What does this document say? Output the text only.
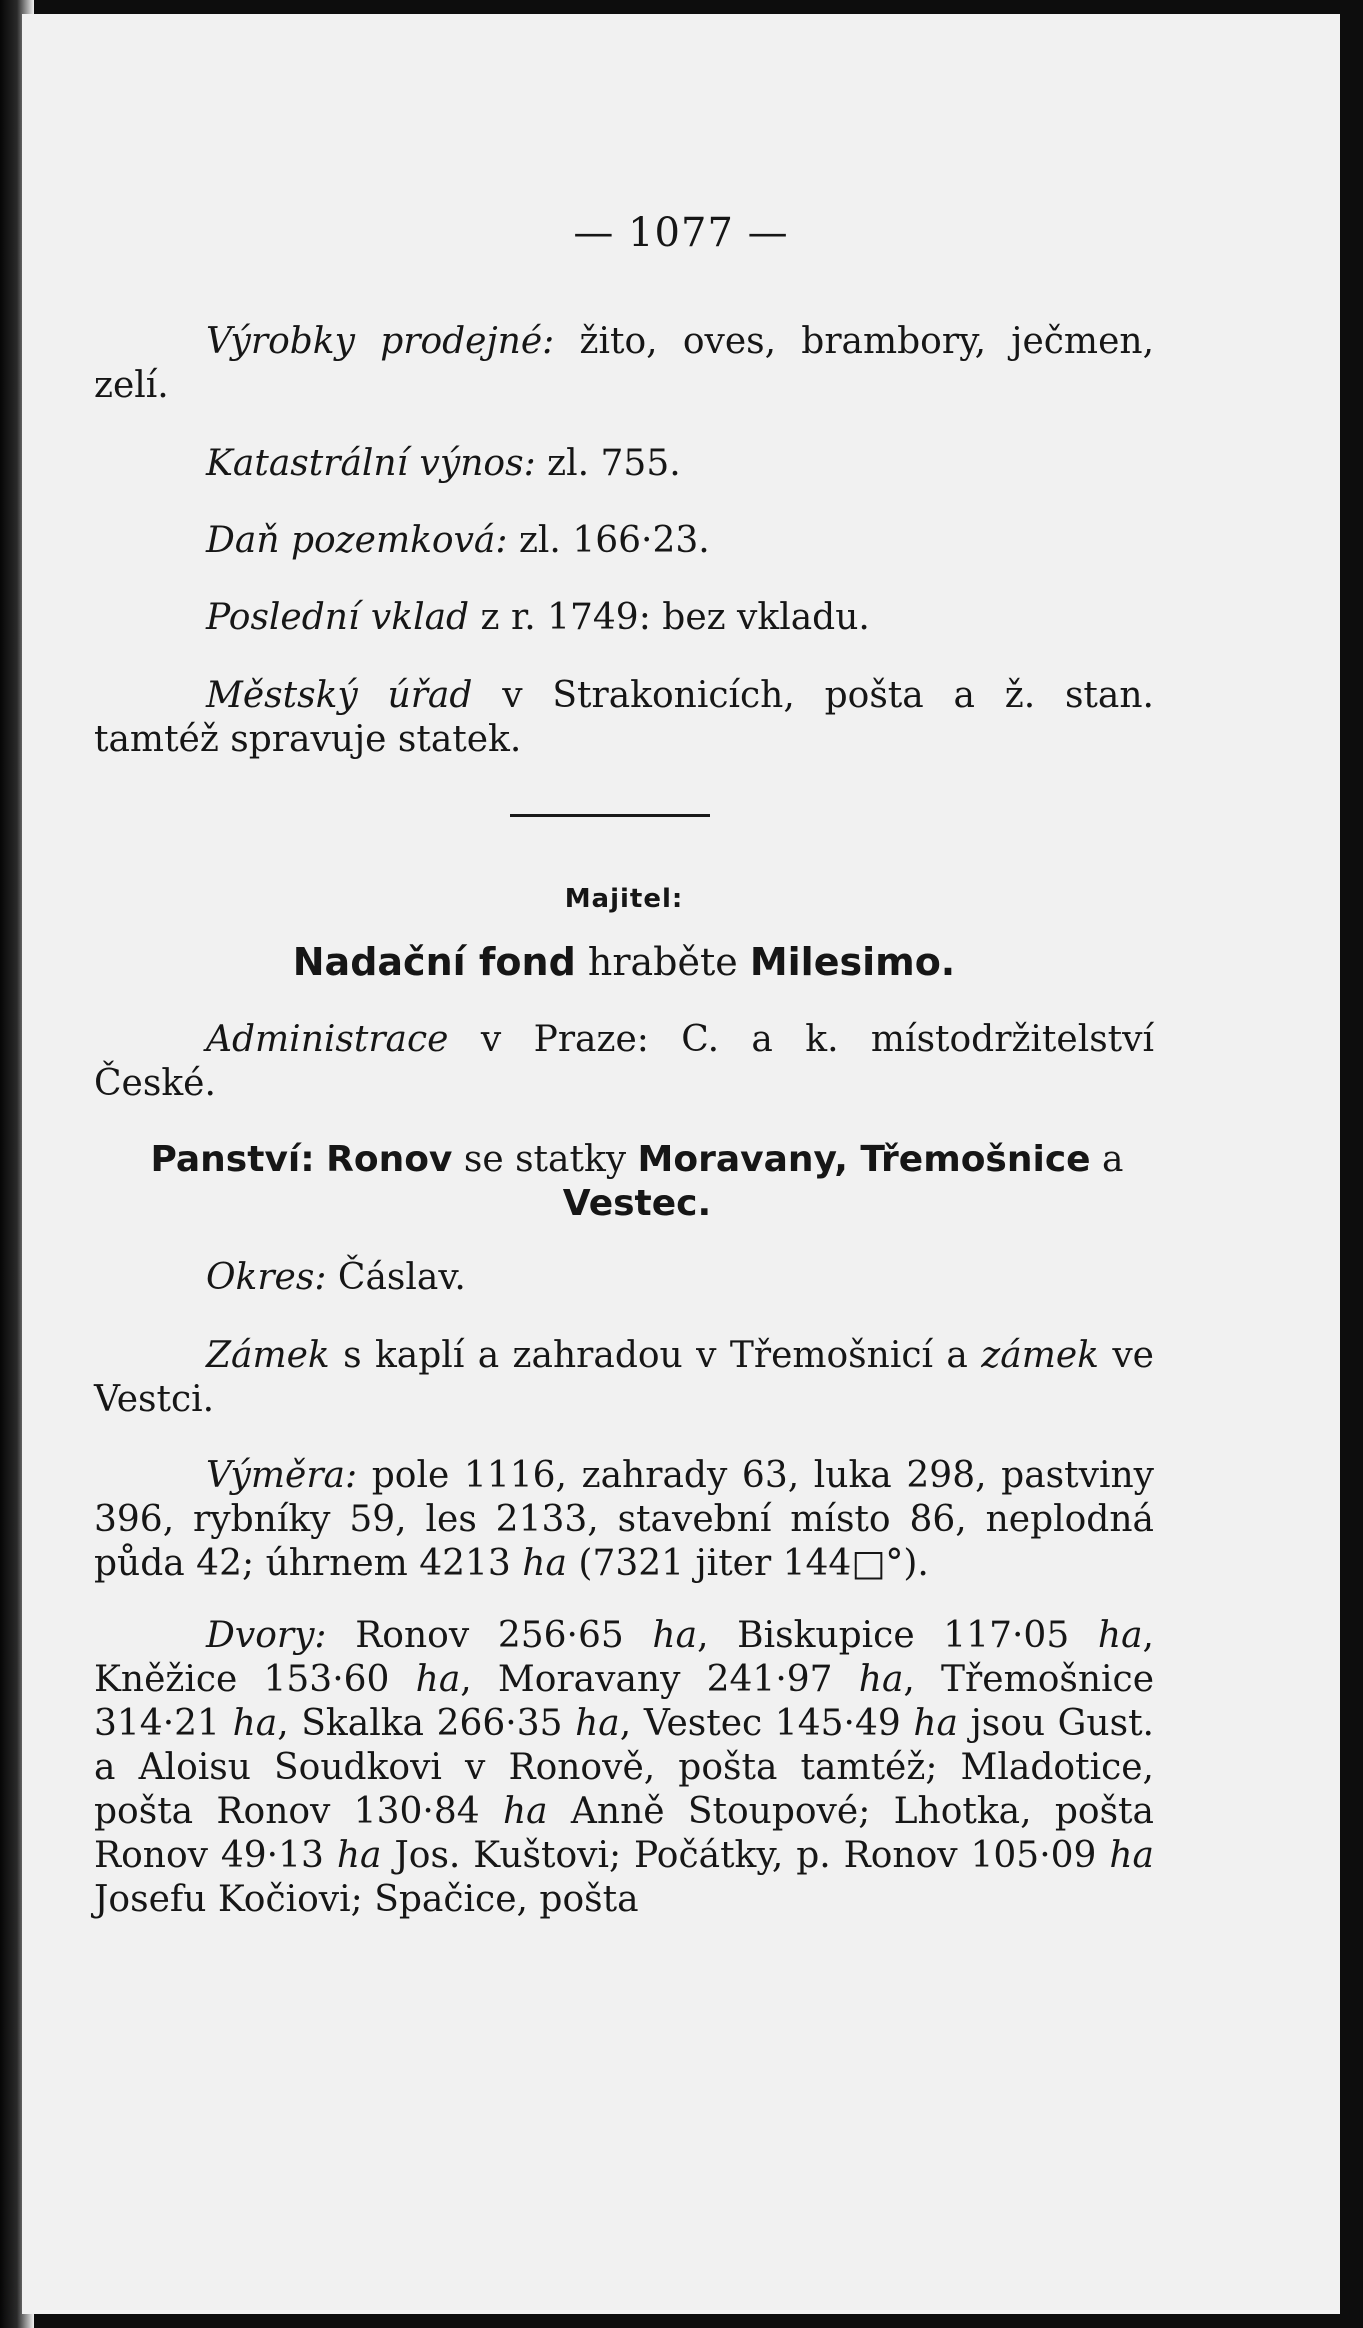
— 1077 —
Výrobky prodejné: žito, oves, brambory, ječmen, zelí.
Katastrální výnos: zl. 755.
Daň pozemková: zl. 166·23.
Poslední vklad z r. 1749: bez vkladu.
Městský úřad v Strakonicích, pošta a ž. stan. tamtéž spravuje statek.
Majitel:
Nadační fond hraběte Milesimo.
Administrace v Praze: C. a k. místodržitelství České.
Panství: Ronov se statky Moravany, Třemošnice a Vestec.
Okres: Čáslav.
Zámek s kaplí a zahradou v Třemošnicí a zámek ve Vestci.
Výměra: pole 1116, zahrady 63, luka 298, pastviny 396, rybníky 59, les 2133, stavební místo 86, neplodná půda 42; úhrnem 4213 ha (7321 jiter 144□°).
Dvory: Ronov 256·65 ha, Biskupice 117·05 ha, Kněžice 153·60 ha, Moravany 241·97 ha, Třemošnice 314·21 ha, Skalka 266·35 ha, Vestec 145·49 ha jsou Gust. a Aloisu Soudkovi v Ronově, pošta tamtéž; Mladotice, pošta Ronov 130·84 ha Anně Stoupové; Lhotka, pošta Ronov 49·13 ha Jos. Kuštovi; Počátky, p. Ronov 105·09 ha Josefu Kočiovi; Spačice, pošta
